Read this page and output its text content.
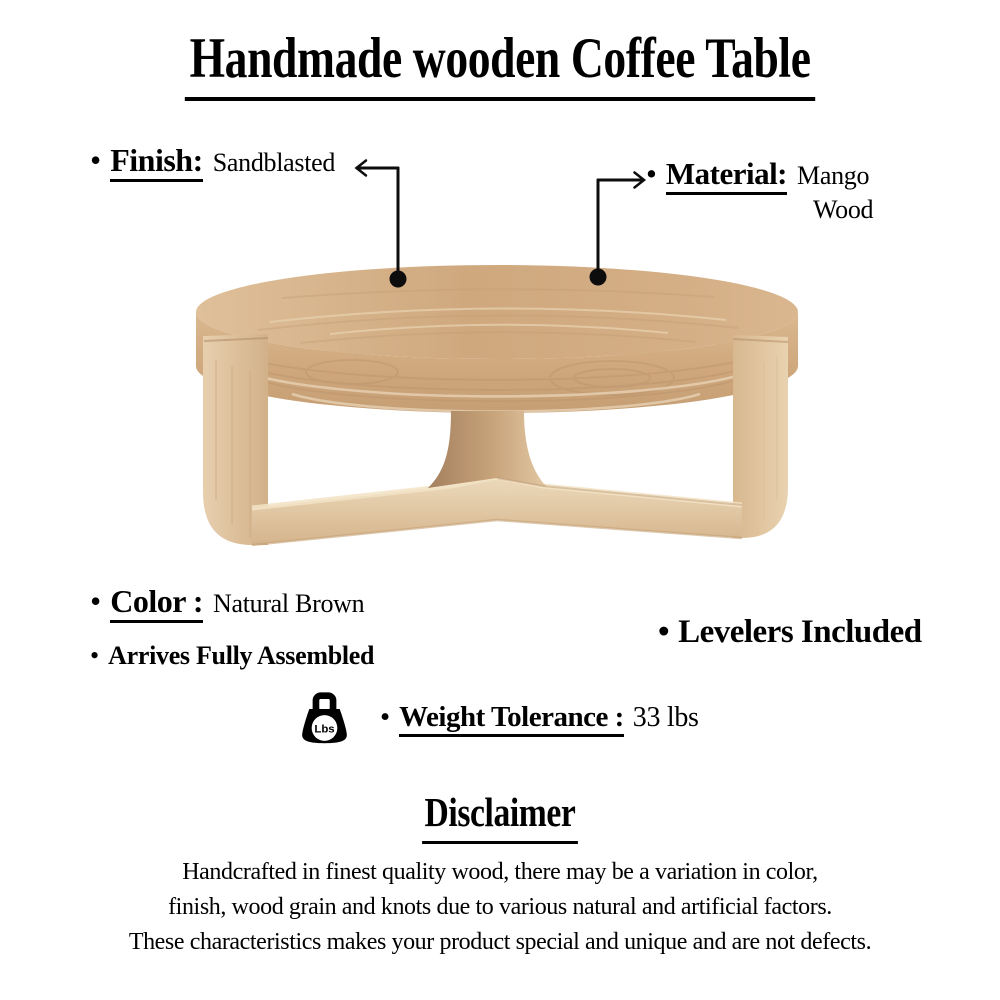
Handmade wooden Coffee Table
• Finish: Sandblasted	• Material: Mango
Wood
• Color : Natural Brown
• Arrives Fully Assembled
• Levelers Included
Lbs • Weight Tolerance : 33 lbs
Disclaimer
Handcrafted in finest quality wood, there may be a variation in color,
finish, wood grain and knots due to various natural and artificial factors.
These characteristics makes your product special and unique and are not defects.
